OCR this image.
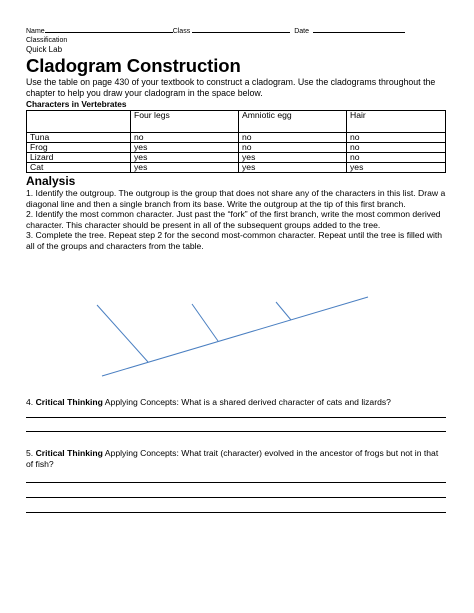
Name	Class	Date
Classification
Quick Lab
Cladogram Construction

Use the table on page 430 of your textbook to construct a cladogram. Use the cladograms throughout the chapter to help you draw your cladogram in the space below.

Characters in Vertebrates
	Four legs	Amniotic egg	Hair
Tuna	no	no	no
Frog	yes	no	no
Lizard	yes	yes	no
Cat	yes	yes	yes
Analysis

1. Identify the outgroup. The outgroup is the group that does not share any of the characters in this list. Draw a diagonal line and then a single branch from its base. Write the outgroup at the tip of this first branch.

2. Identify the most common character. Just past the “fork” of the first branch, write the most common derived character. This character should be present in all of the subsequent groups added to the tree.

3. Complete the tree. Repeat step 2 for the second most-common character. Repeat until the tree is filled with all of the groups and characters from the table.

4. Critical Thinking Applying Concepts: What is a shared derived character of cats and lizards?
5. Critical Thinking Applying Concepts: What trait (character) evolved in the ancestor of frogs but not in that of fish?
